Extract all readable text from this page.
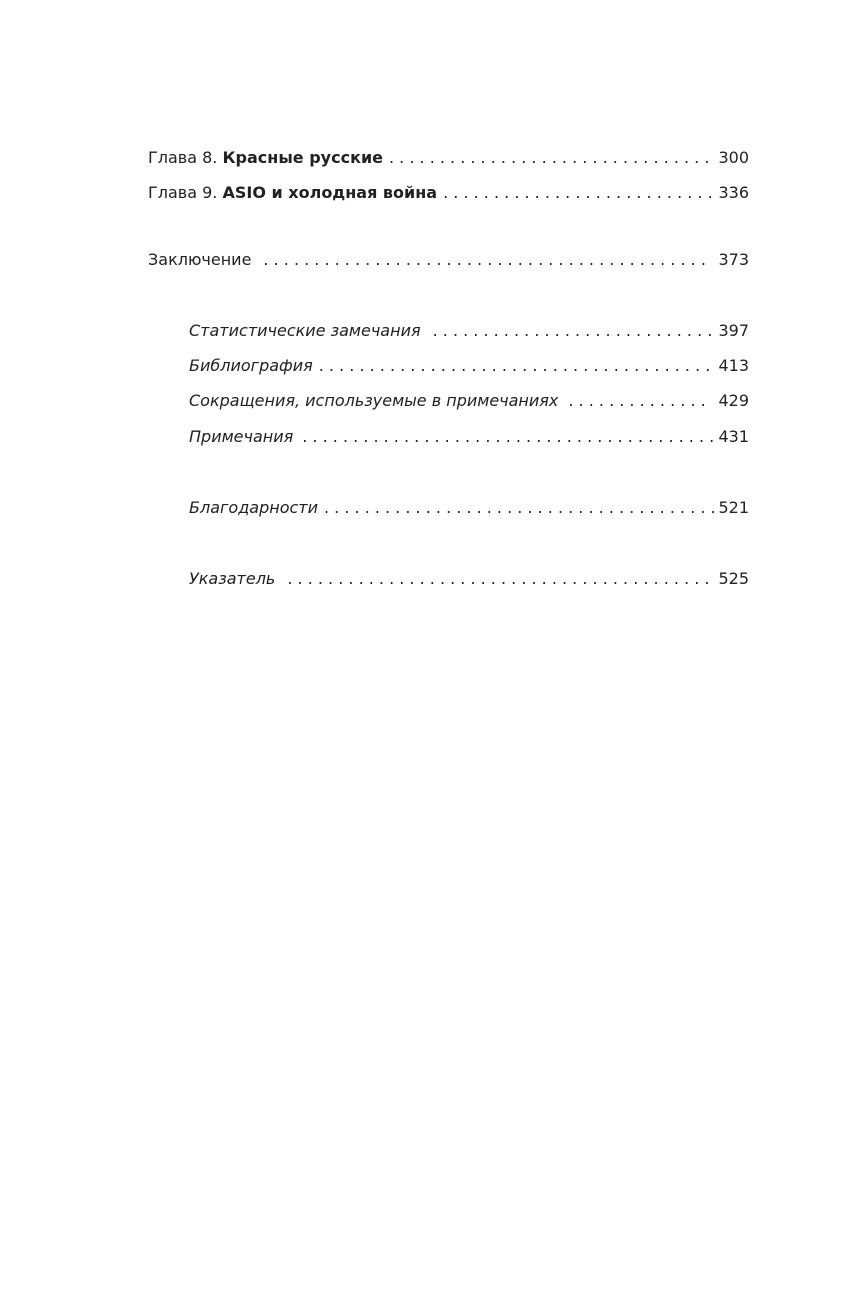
Глава 8. Красные русские . . .	300
Глава 9. ASIO и холодная война . . .	336
Заключение . . .	373
Статистические замечания . . .	397
Библиография . . .	413
Сокращения, используемые в примечаниях . . .	429
Примечания . . .	431
Благодарности . . .	521
Указатель . . .	525
